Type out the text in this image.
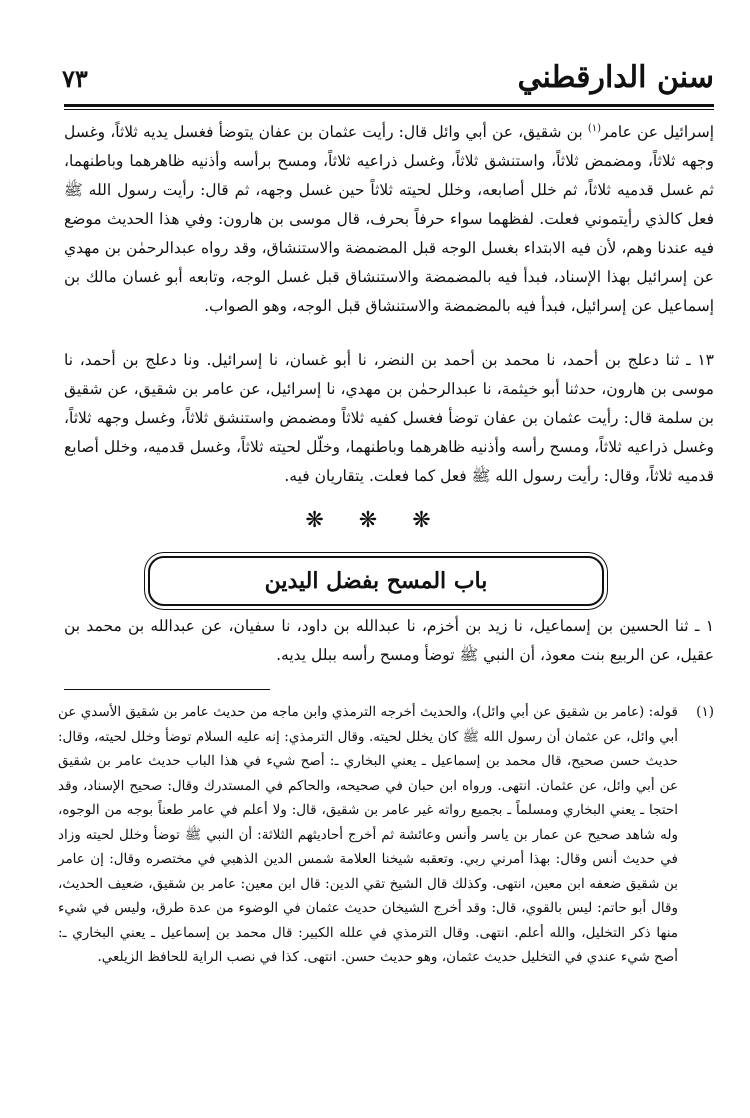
سنن الدارقطني
٧٣
إسرائيل عن عامر$^{(١)}$ بن شقيق، عن أبي وائل قال: رأيت عثمان بن عفان يتوضأ فغسل يديه ثلاثاً، وغسل وجهه ثلاثاً، ومضمض ثلاثاً، واستنشق ثلاثاً، وغسل ذراعيه ثلاثاً، ومسح برأسه وأذنيه ظاهرهما وباطنهما، ثم غسل قدميه ثلاثاً، ثم خلل أصابعه، وخلل لحيته ثلاثاً حين غسل وجهه، ثم قال: رأيت رسول الله ﷺ فعل كالذي رأيتموني فعلت. لفظهما سواء حرفاً بحرف، قال موسى بن هارون: وفي هذا الحديث موضع فيه عندنا وهم، لأن فيه الابتداء بغسل الوجه قبل المضمضة والاستنشاق، وقد رواه عبدالرحمٰن بن مهدي عن إسرائيل بهذا الإسناد، فبدأ فيه بالمضمضة والاستنشاق قبل غسل الوجه، وتابعه أبو غسان مالك بن إسماعيل عن إسرائيل، فبدأ فيه بالمضمضة والاستنشاق قبل الوجه، وهو الصواب.
١٣ ـ ثنا دعلج بن أحمد، نا محمد بن أحمد بن النضر، نا أبو غسان، نا إسرائيل. ونا دعلج بن أحمد، نا موسى بن هارون، حدثنا أبو خيثمة، نا عبدالرحمٰن بن مهدي، نا إسرائيل، عن عامر بن شقيق، عن شقيق بن سلمة قال: رأيت عثمان بن عفان توضأ فغسل كفيه ثلاثاً ومضمض واستنشق ثلاثاً، وغسل وجهه ثلاثاً، وغسل ذراعيه ثلاثاً، ومسح رأسه وأذنيه ظاهرهما وباطنهما، وخلّل لحيته ثلاثاً، وغسل قدميه، وخلل أصابع قدميه ثلاثاً، وقال: رأيت رسول الله ﷺ فعل كما فعلت. يتقاريان فيه.
❋ ❋ ❋
باب المسح بفضل اليدين
١ ـ ثنا الحسين بن إسماعيل، نا زيد بن أخزم، نا عبدالله بن داود، نا سفيان، عن عبدالله بن محمد بن عقيل، عن الربيع بنت معوذ، أن النبي ﷺ توضأ ومسح رأسه ببلل يديه.
(١)
قوله: (عامر بن شقيق عن أبي وائل)، والحديث أخرجه الترمذي وابن ماجه من حديث عامر بن شقيق الأسدي عن أبي وائل، عن عثمان أن رسول الله ﷺ كان يخلل لحيته. وقال الترمذي: إنه عليه السلام توضأ وخلل لحيته، وقال: حديث حسن صحيح، قال محمد بن إسماعيل ـ يعني البخاري ـ: أصح شيء في هذا الباب حديث عامر بن شقيق عن أبي وائل، عن عثمان. انتهى. ورواه ابن حبان في صحيحه، والحاكم في المستدرك وقال: صحيح الإسناد، وقد احتجا ـ يعني البخاري ومسلماً ـ بجميع رواته غير عامر بن شقيق، قال: ولا أعلم في عامر طعناً بوجه من الوجوه، وله شاهد صحيح عن عمار بن ياسر وأنس وعائشة ثم أخرج أحاديثهم الثلاثة: أن النبي ﷺ توضأ وخلل لحيته وزاد في حديث أنس وقال: بهذا أمرني ربي. وتعقبه شيخنا العلامة شمس الدين الذهبي في مختصره وقال: إن عامر بن شقيق ضعفه ابن معين، انتهى. وكذلك قال الشيخ تقي الدين: قال ابن معين: عامر بن شقيق، ضعيف الحديث، وقال أبو حاتم: ليس بالقوي، قال: وقد أخرج الشيخان حديث عثمان في الوضوء من عدة طرق، وليس في شيء منها ذكر التخليل، والله أعلم. انتهى. وقال الترمذي في علله الكبير: قال محمد بن إسماعيل ـ يعني البخاري ـ: أصح شيء عندي في التخليل حديث عثمان، وهو حديث حسن. انتهى. كذا في نصب الراية للحافظ الزيلعي.
